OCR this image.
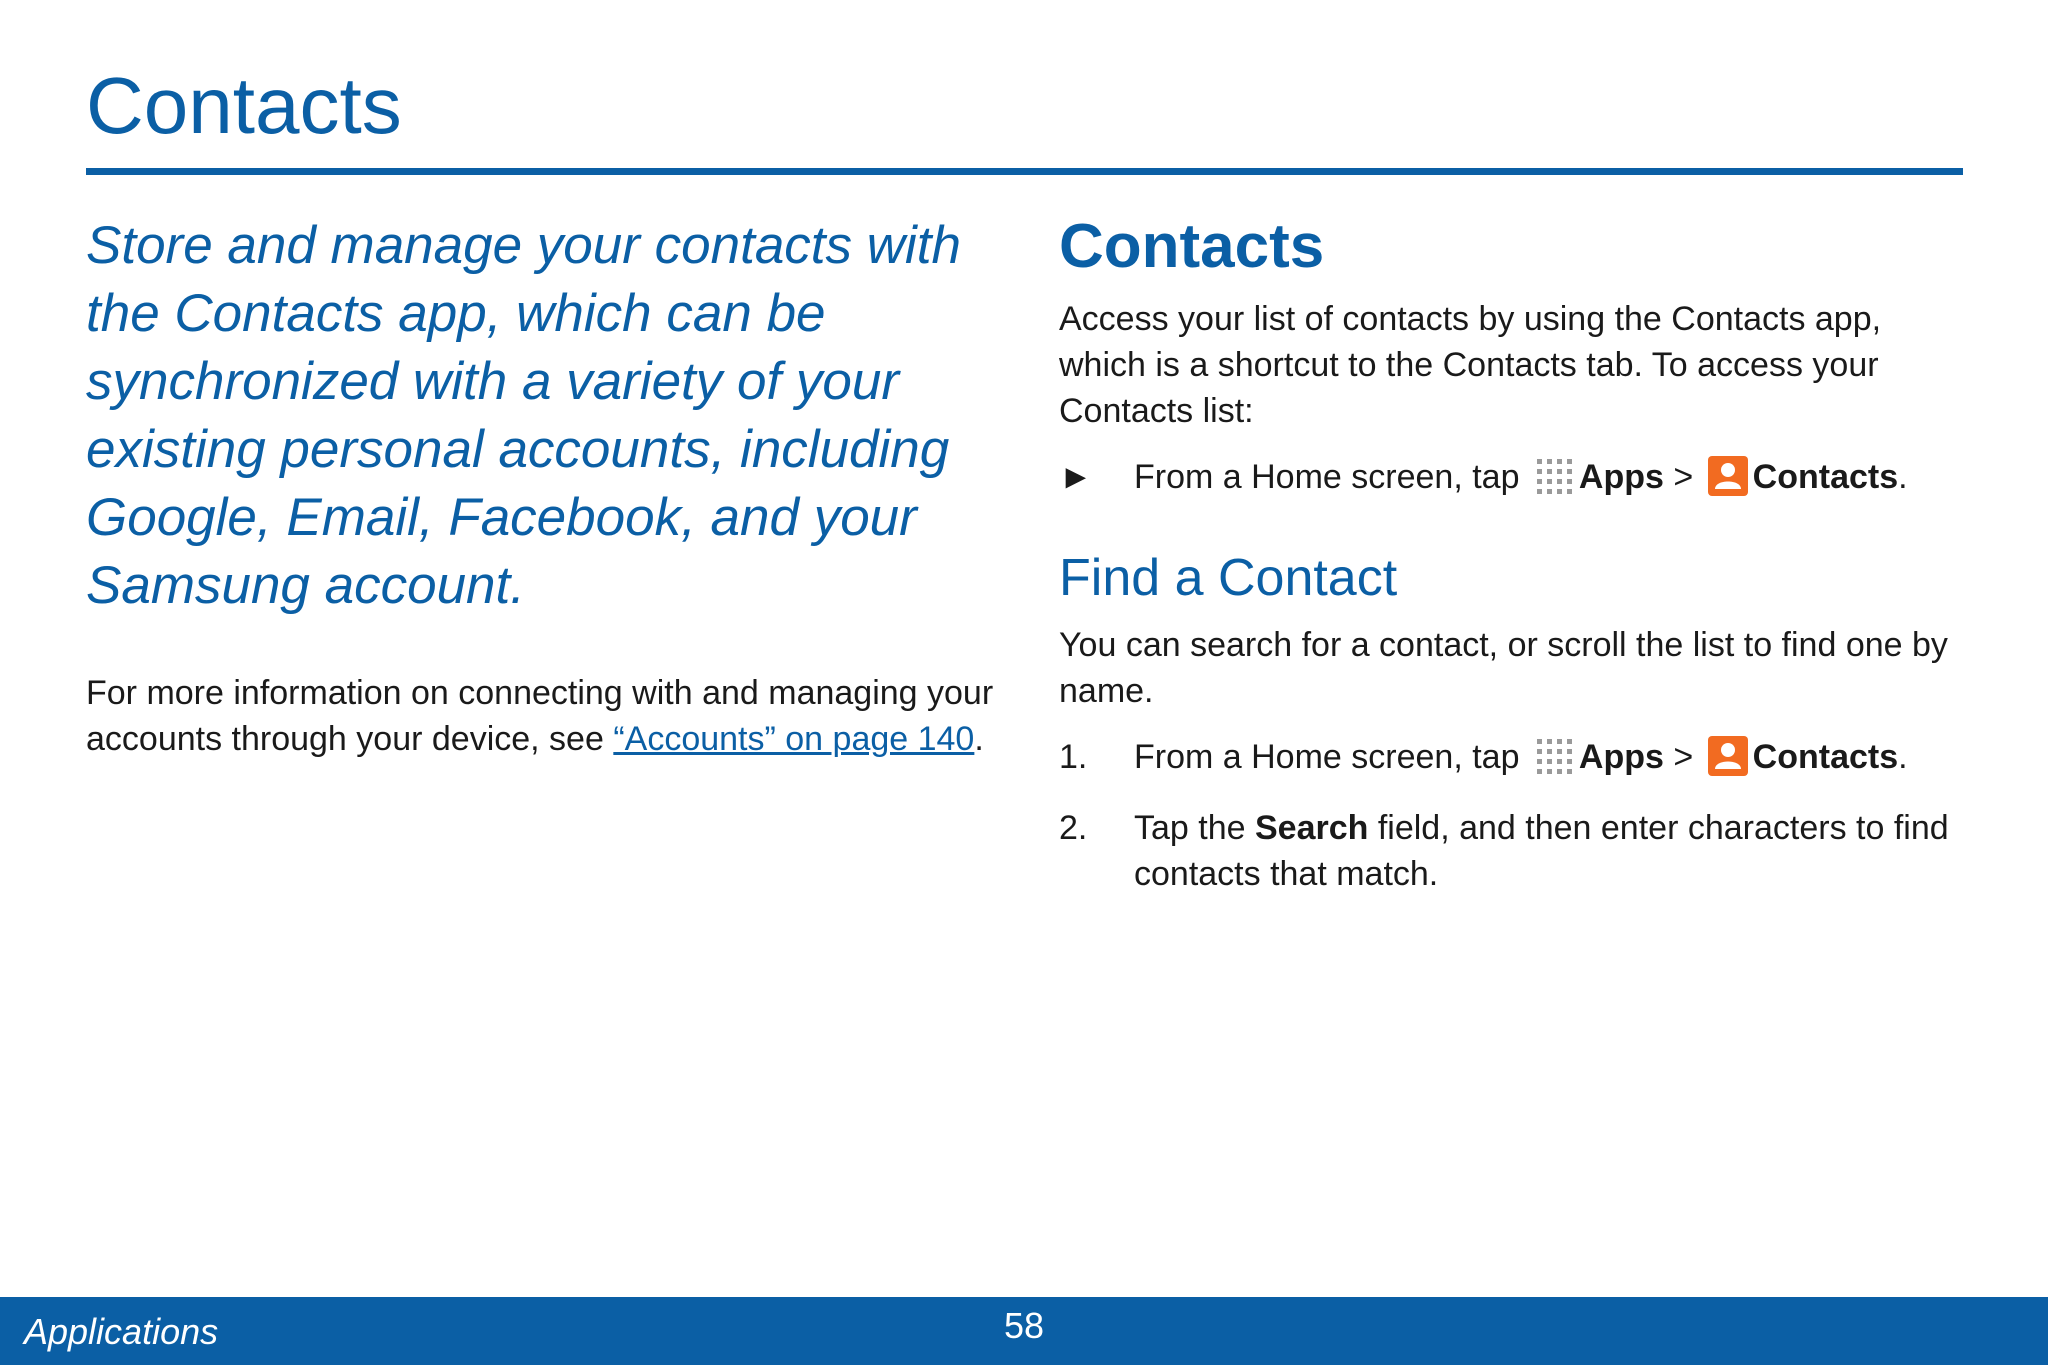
Contacts
Store and manage your contacts with the Contacts app, which can be synchronized with a variety of your existing personal accounts, including Google, Email, Facebook, and your Samsung account.
For more information on connecting with and managing your accounts through your device, see “Accounts” on page 140.
Contacts

Access your list of contacts by using the Contacts app, which is a shortcut to the Contacts tab. To access your Contacts list:

► From a Home screen, tap Apps > Contacts.
Find a Contact

You can search for a contact, or scroll the list to find one by name.

1. From a Home screen, tap Apps > Contacts.
2. Tap the Search field, and then enter characters to find contacts that match.
Applications	58
